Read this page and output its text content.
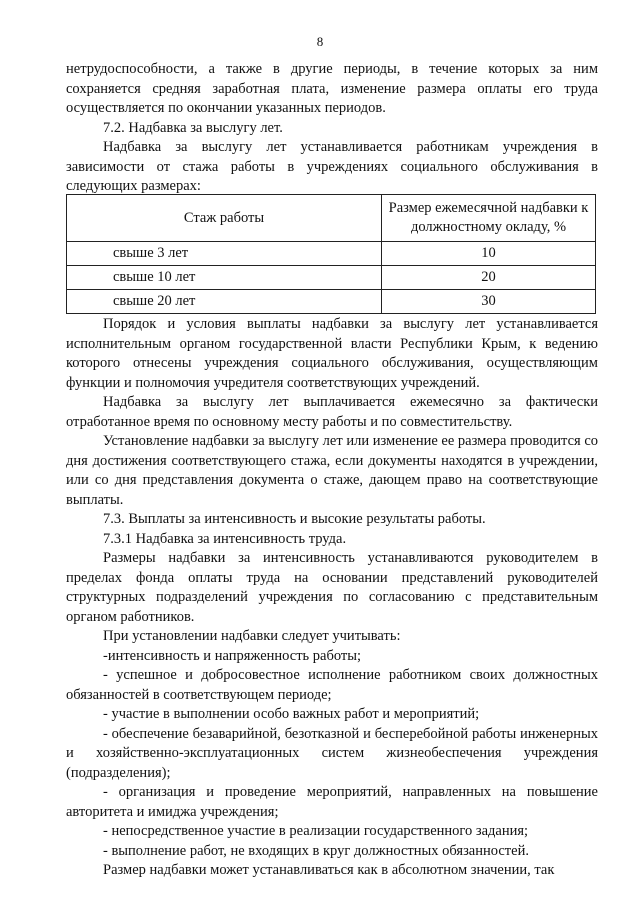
8

нетрудоспособности, а также в другие периоды, в течение которых за ним сохраняется средняя заработная плата, изменение размера оплаты его труда осуществляется по окончании указанных периодов.

7.2. Надбавка за выслугу лет.

Надбавка за выслугу лет устанавливается работникам учреждения в зависимости от стажа работы в учреждениях социального обслуживания в следующих размерах:

Стаж работы	Размер ежемесячной надбавки к должностному окладу, %
свыше 3 лет	10
свыше 10 лет	20
свыше 20 лет	30

Порядок и условия выплаты надбавки за выслугу лет устанавливается исполнительным органом государственной власти Республики Крым, к ведению которого отнесены учреждения социального обслуживания, осуществляющим функции и полномочия учредителя соответствующих учреждений.

Надбавка за выслугу лет выплачивается ежемесячно за фактически отработанное время по основному месту работы и по совместительству.

Установление надбавки за выслугу лет или изменение ее размера проводится со дня достижения соответствующего стажа, если документы находятся в учреждении, или со дня представления документа о стаже, дающем право на соответствующие выплаты.

7.3. Выплаты за интенсивность и высокие результаты работы.

7.3.1 Надбавка за интенсивность труда.

Размеры надбавки за интенсивность устанавливаются руководителем в пределах фонда оплаты труда на основании представлений руководителей структурных подразделений учреждения по согласованию с представительным органом работников.

При установлении надбавки следует учитывать:

-интенсивность и напряженность работы;

- успешное и добросовестное исполнение работником своих должностных обязанностей в соответствующем периоде;

- участие в выполнении особо важных работ и мероприятий;

- обеспечение безаварийной, безотказной и бесперебойной работы инженерных и хозяйственно-эксплуатационных систем жизнеобеспечения учреждения (подразделения);

- организация и проведение мероприятий, направленных на повышение авторитета и имиджа учреждения;

- непосредственное участие в реализации государственного задания;

- выполнение работ, не входящих в круг должностных обязанностей.

Размер надбавки может устанавливаться как в абсолютном значении, так
